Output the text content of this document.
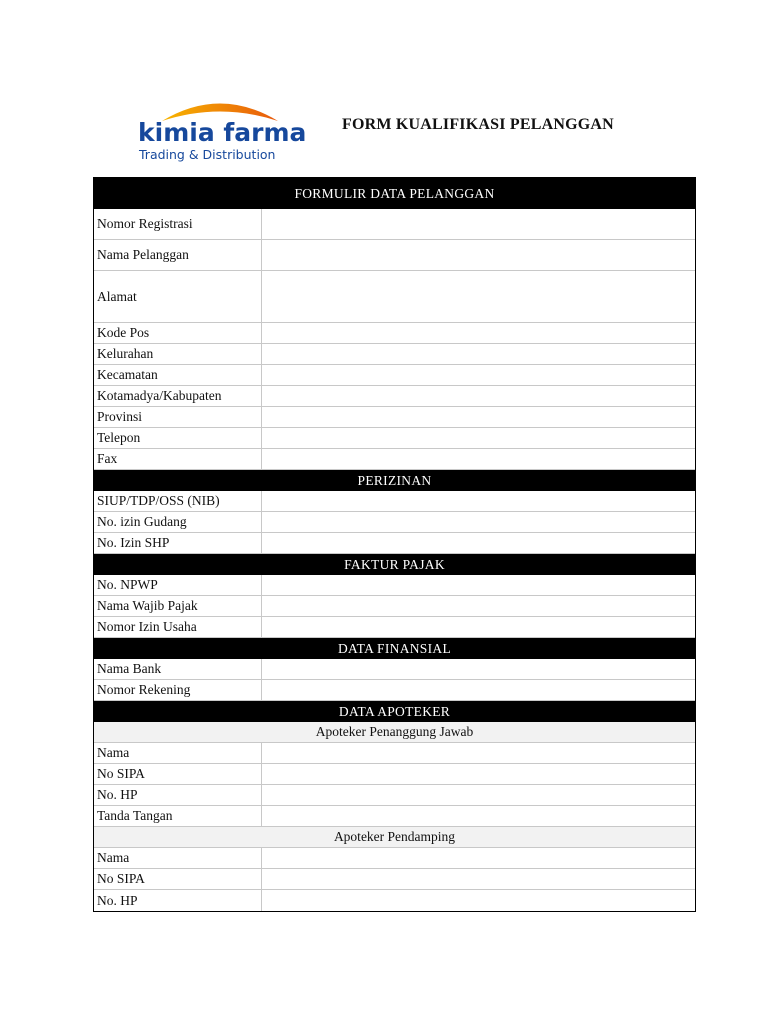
kimia farma
Trading & Distribution
FORM KUALIFIKASI PELANGGAN
FORMULIR DATA PELANGGAN
Nomor Registrasi
Nama Pelanggan
Alamat
Kode Pos
Kelurahan
Kecamatan
Kotamadya/Kabupaten
Provinsi
Telepon
Fax
PERIZINAN
SIUP/TDP/OSS (NIB)
No. izin Gudang
No. Izin SHP
FAKTUR PAJAK
No. NPWP
Nama Wajib Pajak
Nomor Izin Usaha
DATA FINANSIAL
Nama Bank
Nomor Rekening
DATA APOTEKER
Apoteker Penanggung Jawab
Nama
No SIPA
No. HP
Tanda Tangan
Apoteker Pendamping
Nama
No SIPA
No. HP
